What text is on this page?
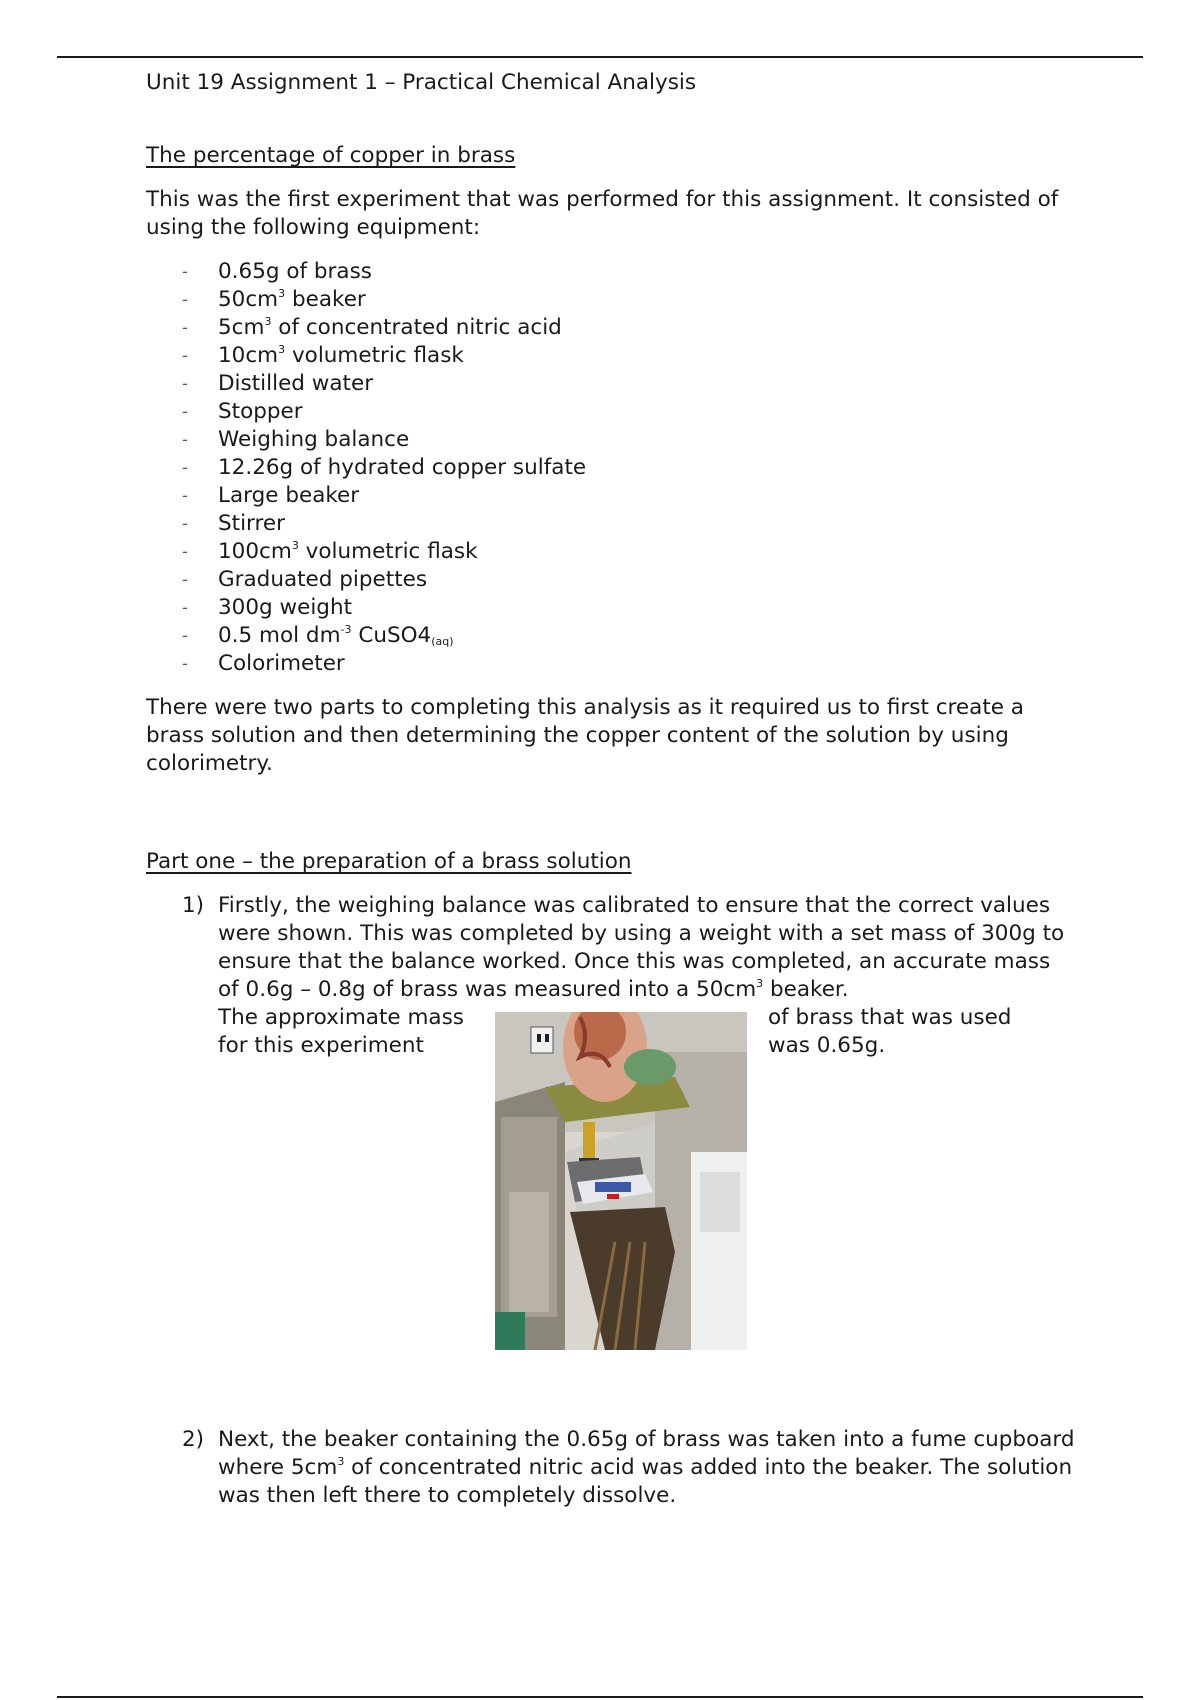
Unit 19 Assignment 1 – Practical Chemical Analysis
The percentage of copper in brass

This was the first experiment that was performed for this assignment. It consisted of using the following equipment:

- 0.65g of brass
- $50cm^3$ beaker
- $5cm^3$ of concentrated nitric acid
- $10cm^3$ volumetric flask
- Distilled water
- Stopper
- Weighing balance
- 12.26g of hydrated copper sulfate
- Large beaker
- Stirrer
- $100cm^3$ volumetric flask
- Graduated pipettes
- 300g weight
- 0.5 mol $dm^{-3}$ $CuSO4_{(aq)}$
- Colorimeter

There were two parts to completing this analysis as it required us to first create a brass solution and then determining the copper content of the solution by using colorimetry.

Part one – the preparation of a brass solution
1) Firstly, the weighing balance was calibrated to ensure that the correct values were shown. This was completed by using a weight with a set mass of 300g to ensure that the balance worked. Once this was completed, an accurate mass of 0.6g – 0.8g of brass was measured into a $50cm^3$ beaker.
The approximate mass
for this experiment
of brass that was used
was 0.65g.
2) Next, the beaker containing the 0.65g of brass was taken into a fume cupboard where $5cm^3$ of concentrated nitric acid was added into the beaker. The solution was then left there to completely dissolve.
